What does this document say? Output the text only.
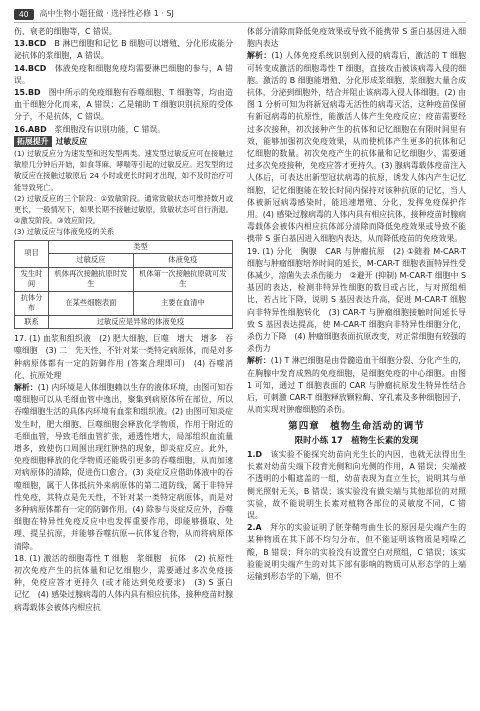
40	高中生物小题狂做 · 选择性必修 1 · SJ

伤、衰老的细胞等，C 错误。

13.BCD　 B 淋巴细胞和记忆 B 细胞可以增殖、分化形成能分泌抗体的浆细胞，A 错误。

14.BCD　 体液免疫和细胞免疫均需要淋巴细胞的参与，A 错误。

15.BD　 图中所示的免疫细胞有吞噬细胞、T 细胞等，均由造血干细胞分化而来，A 错误；乙是辅助 T 细胞识别抗原的受体分子，不是抗体，C 错误。

16.ABD　 浆细胞没有识别功能，C 错误。

拓展提升 过敏反应

(1) 过敏反应分为速发型和迟发型两类。速发型过敏反应可在接触过敏原几分钟后开始，如食荨麻、哮喘等引起的过敏反应。迟发型的过敏反应在接触过敏原后 24 小时或更长时间才出现，如不及时治疗可能导致死亡。

(2) 过敏反应的三个阶段：①致敏阶段。通常致敏状态可维持数月或更长，一般情况下，如果长期不接触过敏原，致敏状态可自行消退。②激发阶段。③效应阶段。

(3) 过敏反应与体液免疫的关系

项目	类型	
	过敏反应	体液免疫
发生时间	机体再次接触抗原时发生	机体第一次接触抗原就可发生
抗体分布	在某些细胞表面	主要在血清中
联系	过敏反应是异常的体液免疫	

17. (1) 血浆和组织液　(2) 肥大细胞、巨噬　增大　增多　吞噬细胞　(3) 二　先天性，不针对某一类特定病原体，而是对多种病原体都有一定的防御作用 (答案合理即可)　(4) 吞噬消化、抗原处理

解析：(1) 内环境是人体细胞赖以生存的液体环境，由图可知吞噬细胞可以从毛细血管中逸出，聚集到病原体所在部位，所以吞噬细胞生活的具体内环境有血浆和组织液。(2) 由图可知炎症发生时，肥大细胞、巨噬细胞会释放化学物质，作用于附近的毛细血管，导致毛细血管扩张，通透性增大，局部组织血流量增多，致使伤口周围出现红肿热的现象，即炎症反应。此外，免疫细胞释放的化学物质还能吸引更多的吞噬细胞，从而加速对病原体的清除，促进伤口愈合。(3) 炎症反应借助体液中的吞噬细胞，属于人体抵抗外来病原体的第二道防线，属于非特异性免疫，其特点是先天性，不针对某一类特定病原体，而是对多种病原体都有一定的防御作用。(4) 除参与炎症反应外，吞噬细胞在特异性免疫反应中也发挥重要作用，即能够摄取、处理、提呈抗原，并能够吞噬抗原—抗体复合物，从而将病原体清除。

18. (1) 激活的细胞毒性 T 细胞　浆细胞　抗体　(2) 抗原性　初次免疫产生的抗体量和记忆细胞少，需要通过多次免疫接种，免疫应答才更持久 (或才能达到免疫要求)　(3) S 蛋白　记忆　(4) 感染过腺病毒的人体内具有相应抗体，接种疫苗时腺病毒载体会被体内相应抗

体部分清除而降低免疫效果或导致不能携带 S 蛋白基因进入细胞内表达

解析：(1) 人体免疫系统识别到入侵的病毒后，激活的 T 细胞可转变成激活的细胞毒性 T 细胞，直接攻击被该病毒入侵的细胞。激活的 B 细胞能增殖、分化形成浆细胞，浆细胞大量合成抗体，分泌到细胞外，结合并阻止该病毒入侵人体细胞。(2) 由图 1 分析可知为将新冠病毒无活性的病毒灭活，这种疫苗保留有新冠病毒的抗原性，能激活人体产生免疫反应；疫苗需要经过多次接种，初次接种产生的抗体和记忆细胞在有限时间里有效，能够加强初次免疫效果，从而使机体产生更多的抗体和记忆细胞的数量。初次免疫产生的抗体量和记忆细胞少，需要通过多次免疫接种，免疫应答才更持久。(3) 腺病毒载体疫苗注入人体后，可表达出新型冠状病毒的抗原，诱发人体内产生记忆细胞，记忆细胞能在较长时间内保持对该种抗原的记忆，当人体被新冠病毒感染时，能迅速增殖、分化，发挥免疫保护作用。(4) 感染过腺病毒的人体内具有相应抗体，接种疫苗时腺病毒载体会被体内相应抗体部分清除而降低免疫效果或导致不能携带 S 蛋白基因进入细胞内表达，从而降低疫苗的免疫效果。

19. (1) 分化　胸腺　CAR 与肿瘤抗原　(2) ①随着 M-CAR-T 细胞与肿瘤细胞培养时间的延长，M-CAR-T 细胞表面特异性受体减少，溶菌失去杀伤能力　②避开 (抑制) M-CAR-T 细胞中 S 基因的表达，检测非特异性细胞的数目或占比，与对照组相比，若占比下降，说明 S 基因表达升高，促进 M-CAR-T 细胞向非特异性细胞转化　(3) CAR-T 与肿瘤细胞接触时间延长导致 S 基因表达提高，使 M-CAR-T 细胞向非特异性细胞分化，杀伤力下降　(4) 肿瘤细胞表面抗原改变，对正常细胞有较强的杀伤力

解析：(1) T 淋巴细胞是由骨髓造血干细胞分裂、分化产生的，在胸腺中发育成熟的免疫细胞，是细胞免疫的中心细胞。由图 1 可知，通过 T 细胞表面的 CAR 与肿瘤抗原发生特异性结合后，可刺激 CAR-T 细胞释放颗粒酶、穿孔素及多种细胞因子，从而实现对肿瘤细胞的杀伤。

第四章　植物生命活动的调节
限时小练 17　植物生长素的发现

1.D　 该实验不能探究幼苗向光生长的内因，也就无法得出生长素对幼苗尖端下段背光侧和向光侧的作用，A 错误；尖端被不透明的小帽遮盖的一组，幼苗表现为直立生长，说明其与单侧光照射无关，B 错误；该实验没有做尖端与其他部位的对照实验，故不能说明生长素对植物各部位的灵敏度不同，C 错误。

2.A　 拜尔的实验证明了胚芽鞘弯曲生长的原因是尖端产生的某种物质在其下部不均匀分布，但不能证明该物质是吲哚乙酸，B 错误；拜尔的实验没有设置空白对照组，C 错误；该实验能说明尖端产生的对其下部有影响的物质可从形态学的上端运输到形态学的下端，但不
